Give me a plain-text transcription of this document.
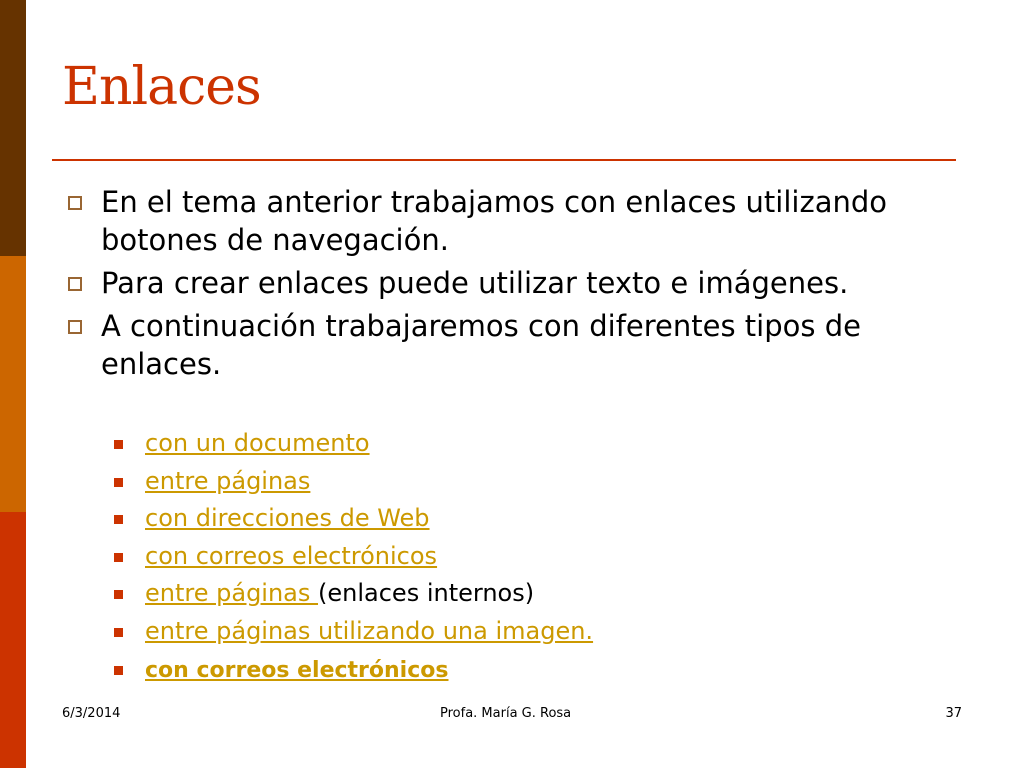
Enlaces
En el tema anterior trabajamos con enlaces utilizando botones de navegación.
Para crear enlaces puede utilizar texto e imágenes.
A continuación trabajaremos con diferentes tipos de enlaces.
con un documento
entre páginas
con direcciones de Web
con correos electrónicos
entre páginas (enlaces internos)
entre páginas utilizando una imagen.
con correos electrónicos
6/3/2014	Profa. María G. Rosa	37
